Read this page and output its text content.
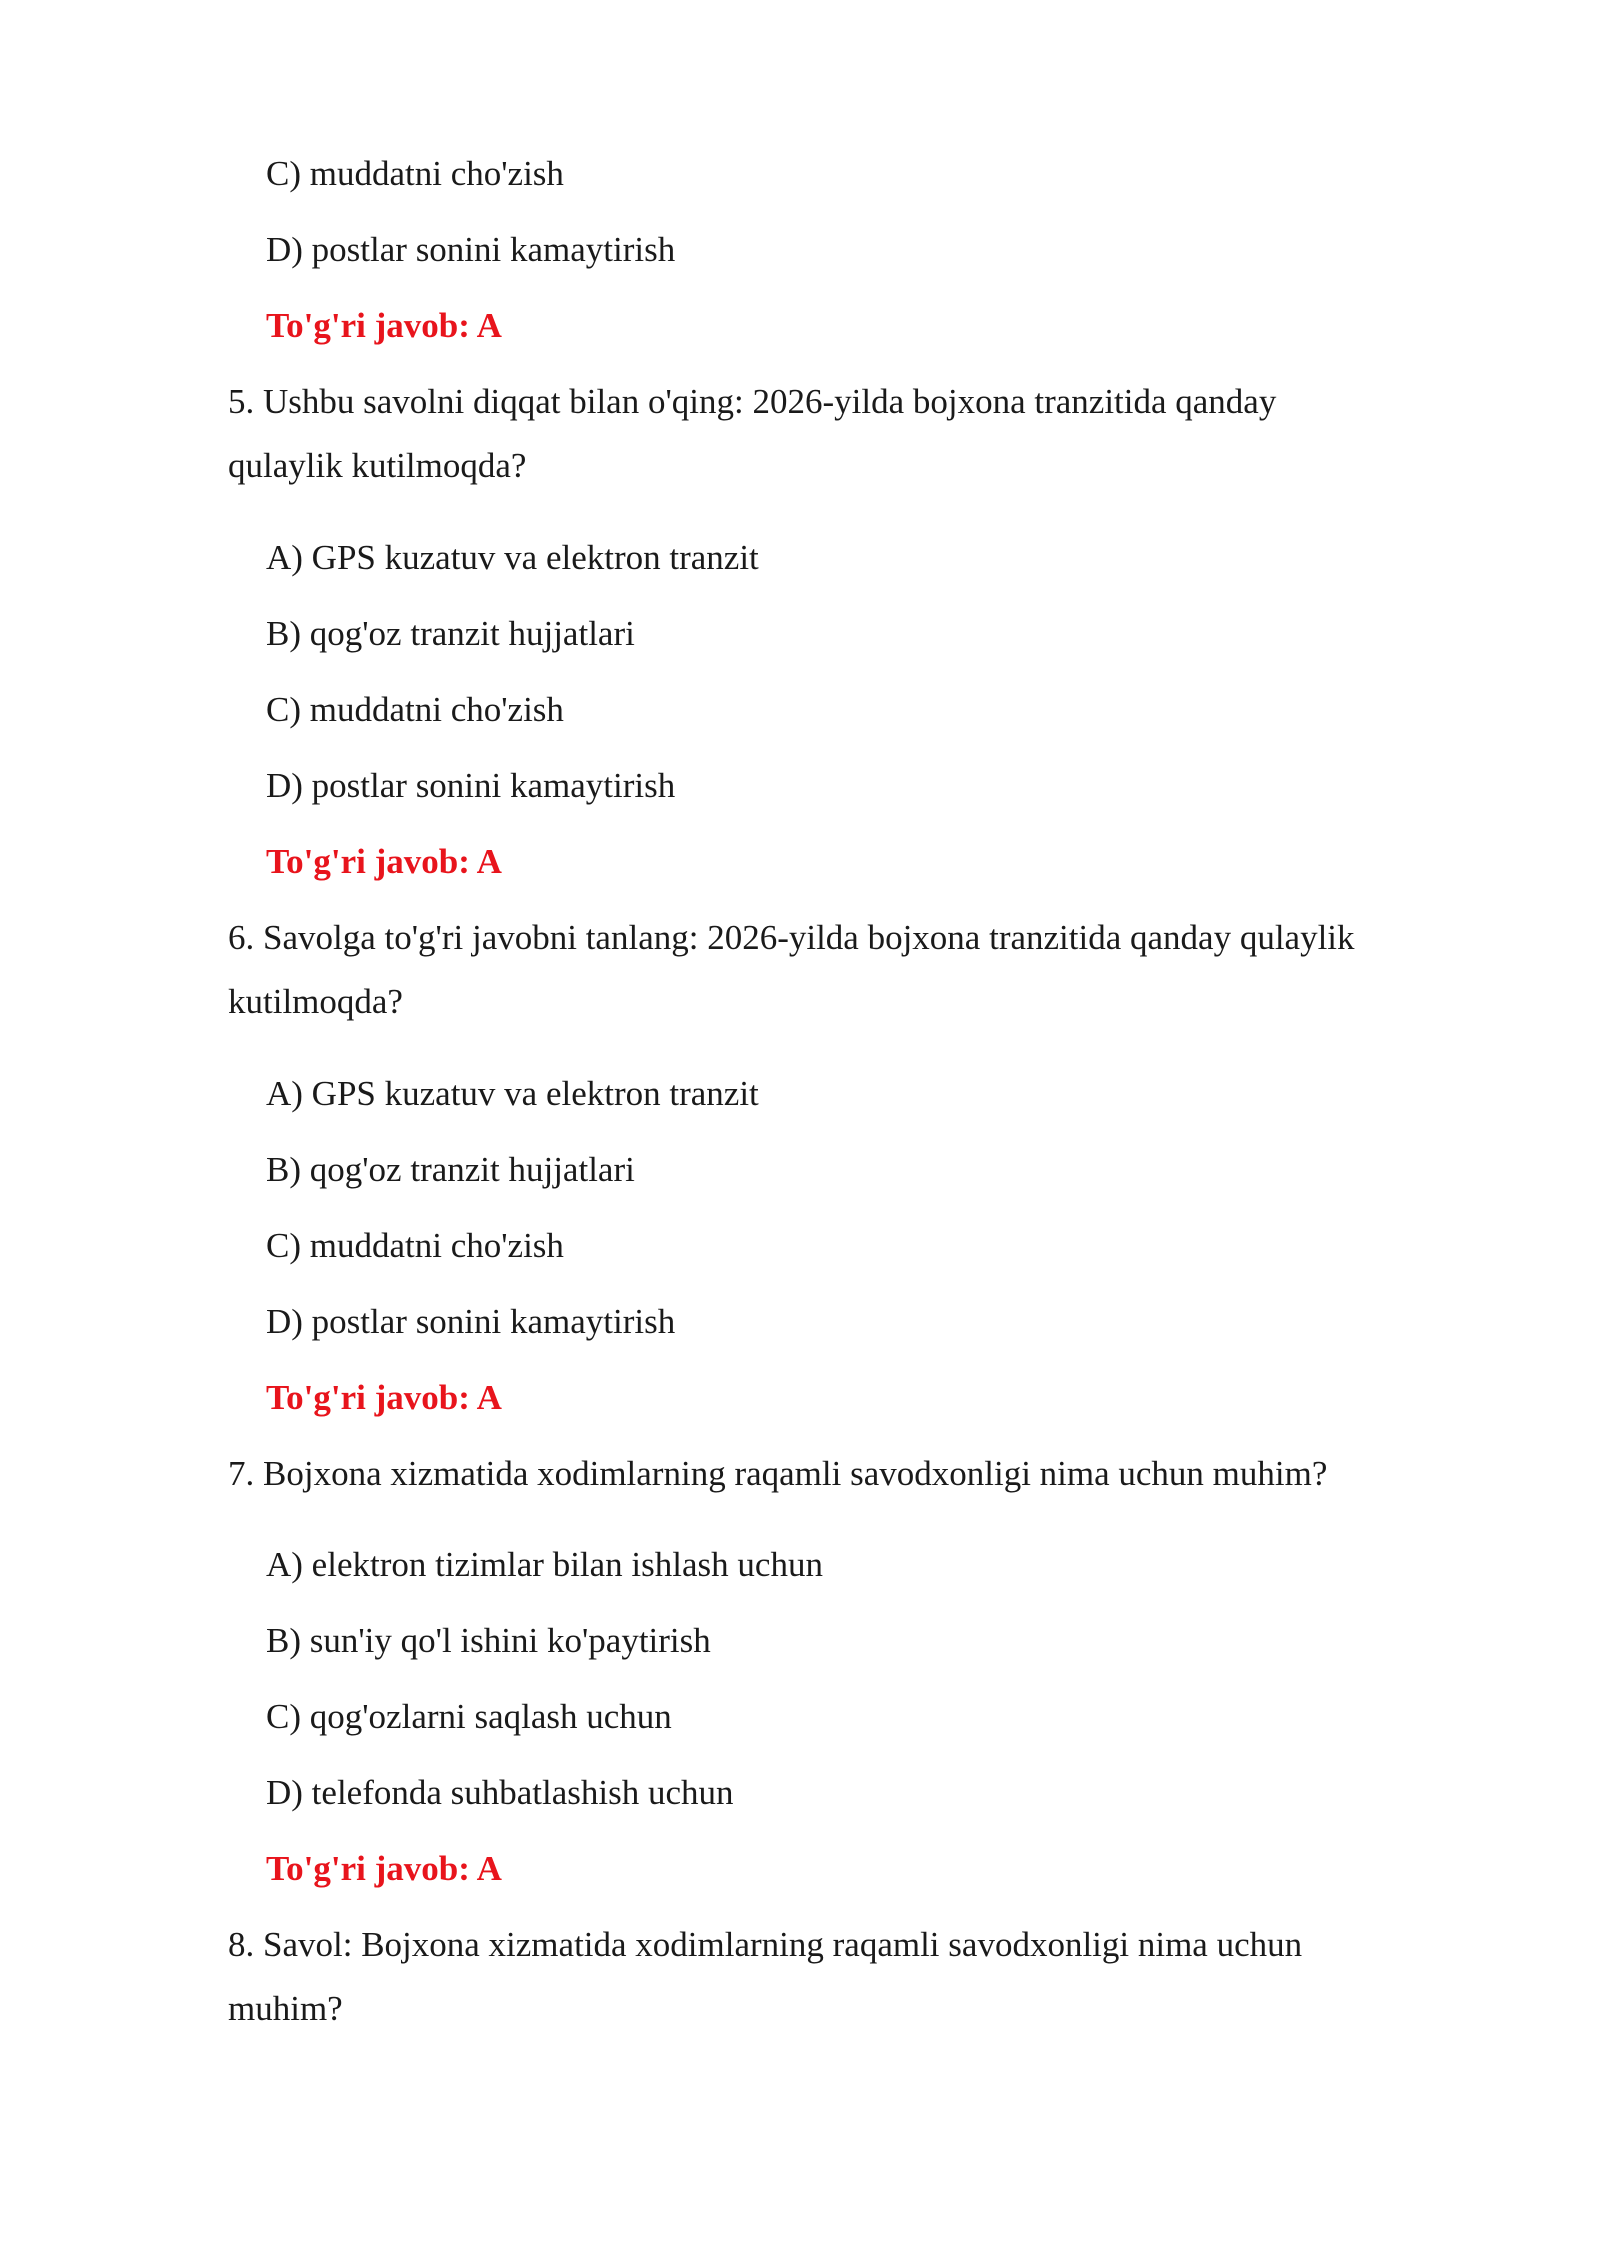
C) muddatni cho'zish

D) postlar sonini kamaytirish

To'g'ri javob: A

5. Ushbu savolni diqqat bilan o'qing: 2026-yilda bojxona tranzitida qanday

qulaylik kutilmoqda?

A) GPS kuzatuv va elektron tranzit

B) qog'oz tranzit hujjatlari

C) muddatni cho'zish

D) postlar sonini kamaytirish

To'g'ri javob: A

6. Savolga to'g'ri javobni tanlang: 2026-yilda bojxona tranzitida qanday qulaylik

kutilmoqda?

A) GPS kuzatuv va elektron tranzit

B) qog'oz tranzit hujjatlari

C) muddatni cho'zish

D) postlar sonini kamaytirish

To'g'ri javob: A

7. Bojxona xizmatida xodimlarning raqamli savodxonligi nima uchun muhim?

A) elektron tizimlar bilan ishlash uchun

B) sun'iy qo'l ishini ko'paytirish

C) qog'ozlarni saqlash uchun

D) telefonda suhbatlashish uchun

To'g'ri javob: A

8. Savol: Bojxona xizmatida xodimlarning raqamli savodxonligi nima uchun

muhim?
